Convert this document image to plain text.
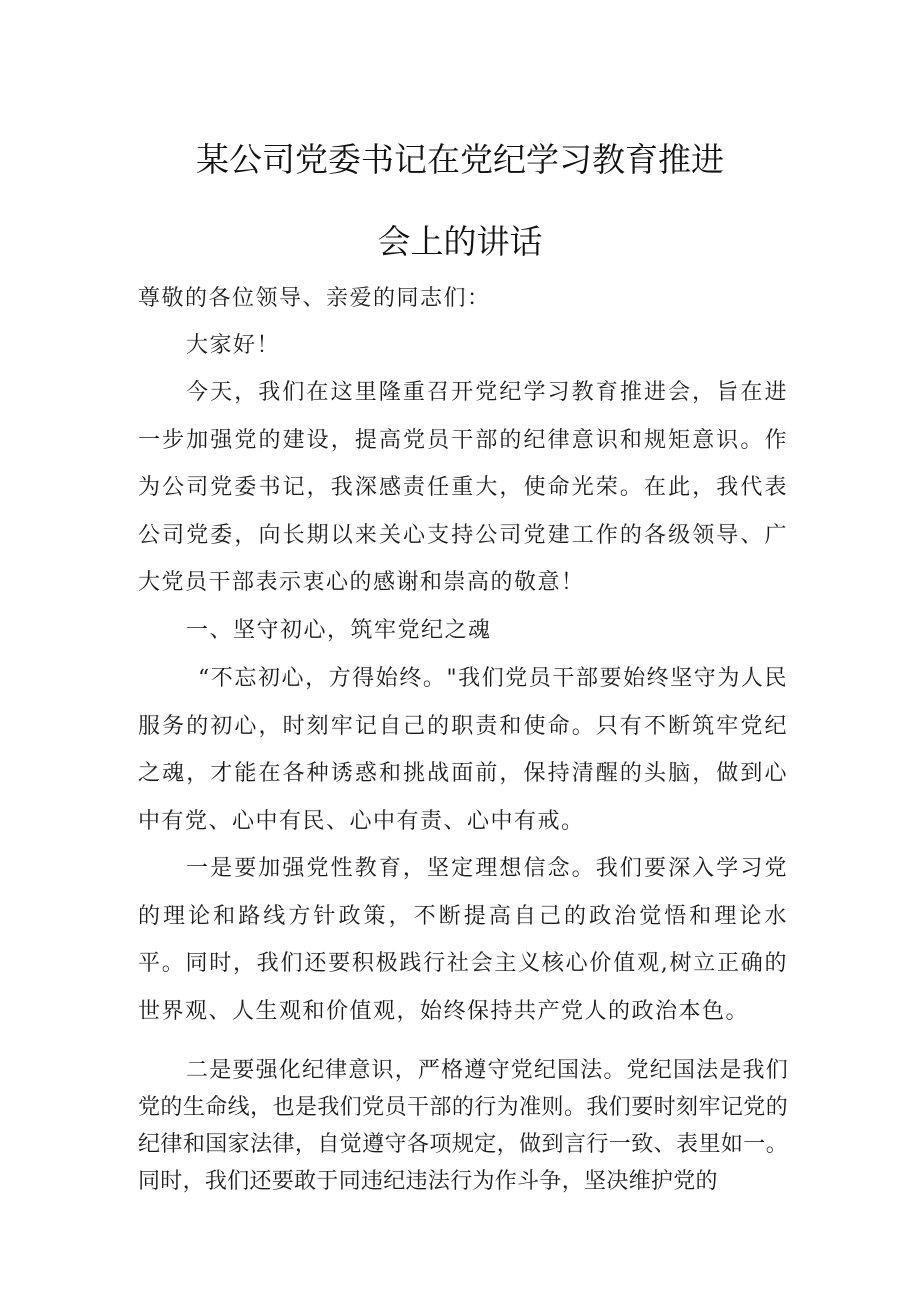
某公司党委书记在党纪学习教育推进
会上的讲话

尊敬的各位领导、亲爱的同志们：

大家好！

今天，我们在这里隆重召开党纪学习教育推进会，旨在进一步加强党的建设，提高党员干部的纪律意识和规矩意识。作为公司党委书记，我深感责任重大，使命光荣。在此，我代表公司党委，向长期以来关心支持公司党建工作的各级领导、广大党员干部表示衷心的感谢和崇高的敬意！

一、坚守初心，筑牢党纪之魂

“不忘初心，方得始终。"我们党员干部要始终坚守为人民服务的初心，时刻牢记自己的职责和使命。只有不断筑牢党纪之魂，才能在各种诱惑和挑战面前，保持清醒的头脑，做到心中有党、心中有民、心中有责、心中有戒。

一是要加强党性教育，坚定理想信念。我们要深入学习党的理论和路线方针政策，不断提高自己的政治觉悟和理论水平。同时，我们还要积极践行社会主义核心价值观,树立正确的世界观、人生观和价值观，始终保持共产党人的政治本色。

二是要强化纪律意识，严格遵守党纪国法。党纪国法是我们党的生命线，也是我们党员干部的行为准则。我们要时刻牢记党的纪律和国家法律，自觉遵守各项规定，做到言行一致、表里如一。同时，我们还要敢于同违纪违法行为作斗争，坚决维护党的
